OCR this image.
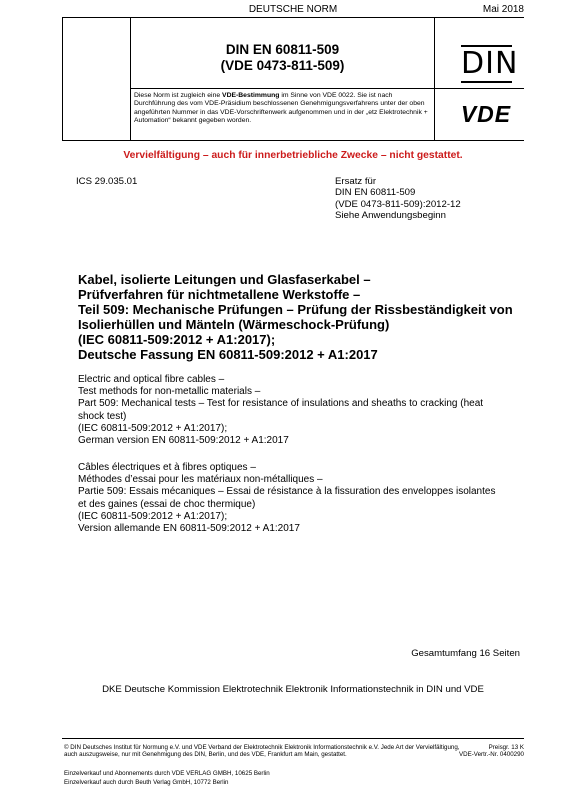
DEUTSCHE NORM	Mai 2018
DIN EN 60811-509
(VDE 0473-811-509)	DIN
VDE
Diese Norm ist zugleich eine VDE-Bestimmung im Sinne von VDE 0022. Sie ist nach Durchführung des vom VDE-Präsidium beschlossenen Genehmigungsverfahrens unter der oben angeführten Nummer in das VDE-Vorschriftenwerk aufgenommen und in der „etz Elektrotechnik + Automation“ bekannt gegeben worden.
Vervielfältigung – auch für innerbetriebliche Zwecke – nicht gestattet.
ICS 29.035.01	Ersatz für
DIN EN 60811-509
(VDE 0473-811-509):2012-12
Siehe Anwendungsbeginn
Kabel, isolierte Leitungen und Glasfaserkabel –
Prüfverfahren für nichtmetallene Werkstoffe –
Teil 509: Mechanische Prüfungen – Prüfung der Rissbeständigkeit von
Isolierhüllen und Mänteln (Wärmeschock-Prüfung)
(IEC 60811-509:2012 + A1:2017);
Deutsche Fassung EN 60811-509:2012 + A1:2017
Electric and optical fibre cables –
Test methods for non-metallic materials –
Part 509: Mechanical tests – Test for resistance of insulations and sheaths to cracking (heat
shock test)
(IEC 60811-509:2012 + A1:2017);
German version EN 60811-509:2012 + A1:2017
Câbles électriques et à fibres optiques –
Méthodes d’essai pour les matériaux non-métalliques –
Partie 509: Essais mécaniques – Essai de résistance à la fissuration des enveloppes isolantes
et des gaines (essai de choc thermique)
(IEC 60811-509:2012 + A1:2017);
Version allemande EN 60811-509:2012 + A1:2017
Gesamtumfang 16 Seiten
DKE Deutsche Kommission Elektrotechnik Elektronik Informationstechnik in DIN und VDE
© DIN Deutsches Institut für Normung e.V. und VDE Verband der Elektrotechnik Elektronik Informationstechnik e.V. Jede Art der Vervielfältigung, auch auszugsweise, nur mit Genehmigung des DIN, Berlin, und des VDE, Frankfurt am Main, gestattet.
Preisgr. 13 K
VDE-Vertr.-Nr. 0400290
Einzelverkauf und Abonnements durch VDE VERLAG GMBH, 10625 Berlin
Einzelverkauf auch durch Beuth Verlag GmbH, 10772 Berlin
